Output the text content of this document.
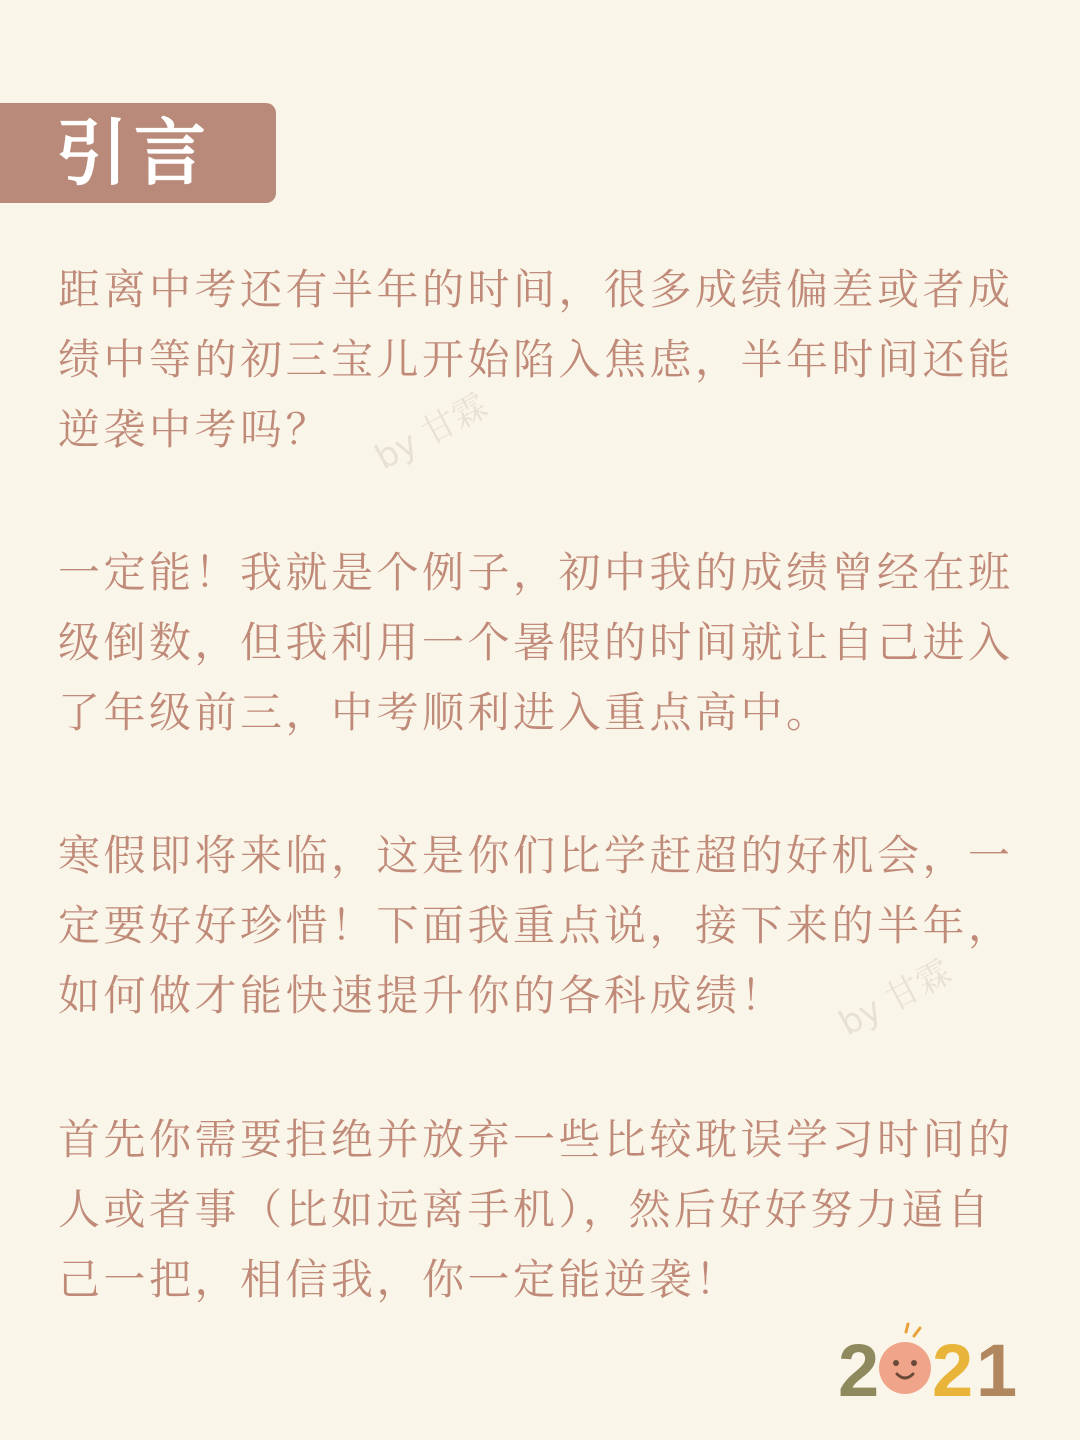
引言

距离中考还有半年的时间，很多成绩偏差或者成绩中等的初三宝儿开始陷入焦虑，半年时间还能逆袭中考吗？

一定能！我就是个例子，初中我的成绩曾经在班级倒数，但我利用一个暑假的时间就让自己进入了年级前三，中考顺利进入重点高中。

寒假即将来临，这是你们比学赶超的好机会，一定要好好珍惜！下面我重点说，接下来的半年，如何做才能快速提升你的各科成绩！

首先你需要拒绝并放弃一些比较耽误学习时间的人或者事（比如远离手机），然后好好努力逼自己一把，相信我，你一定能逆袭！

by 甘霖
by 甘霖
2 2 1
